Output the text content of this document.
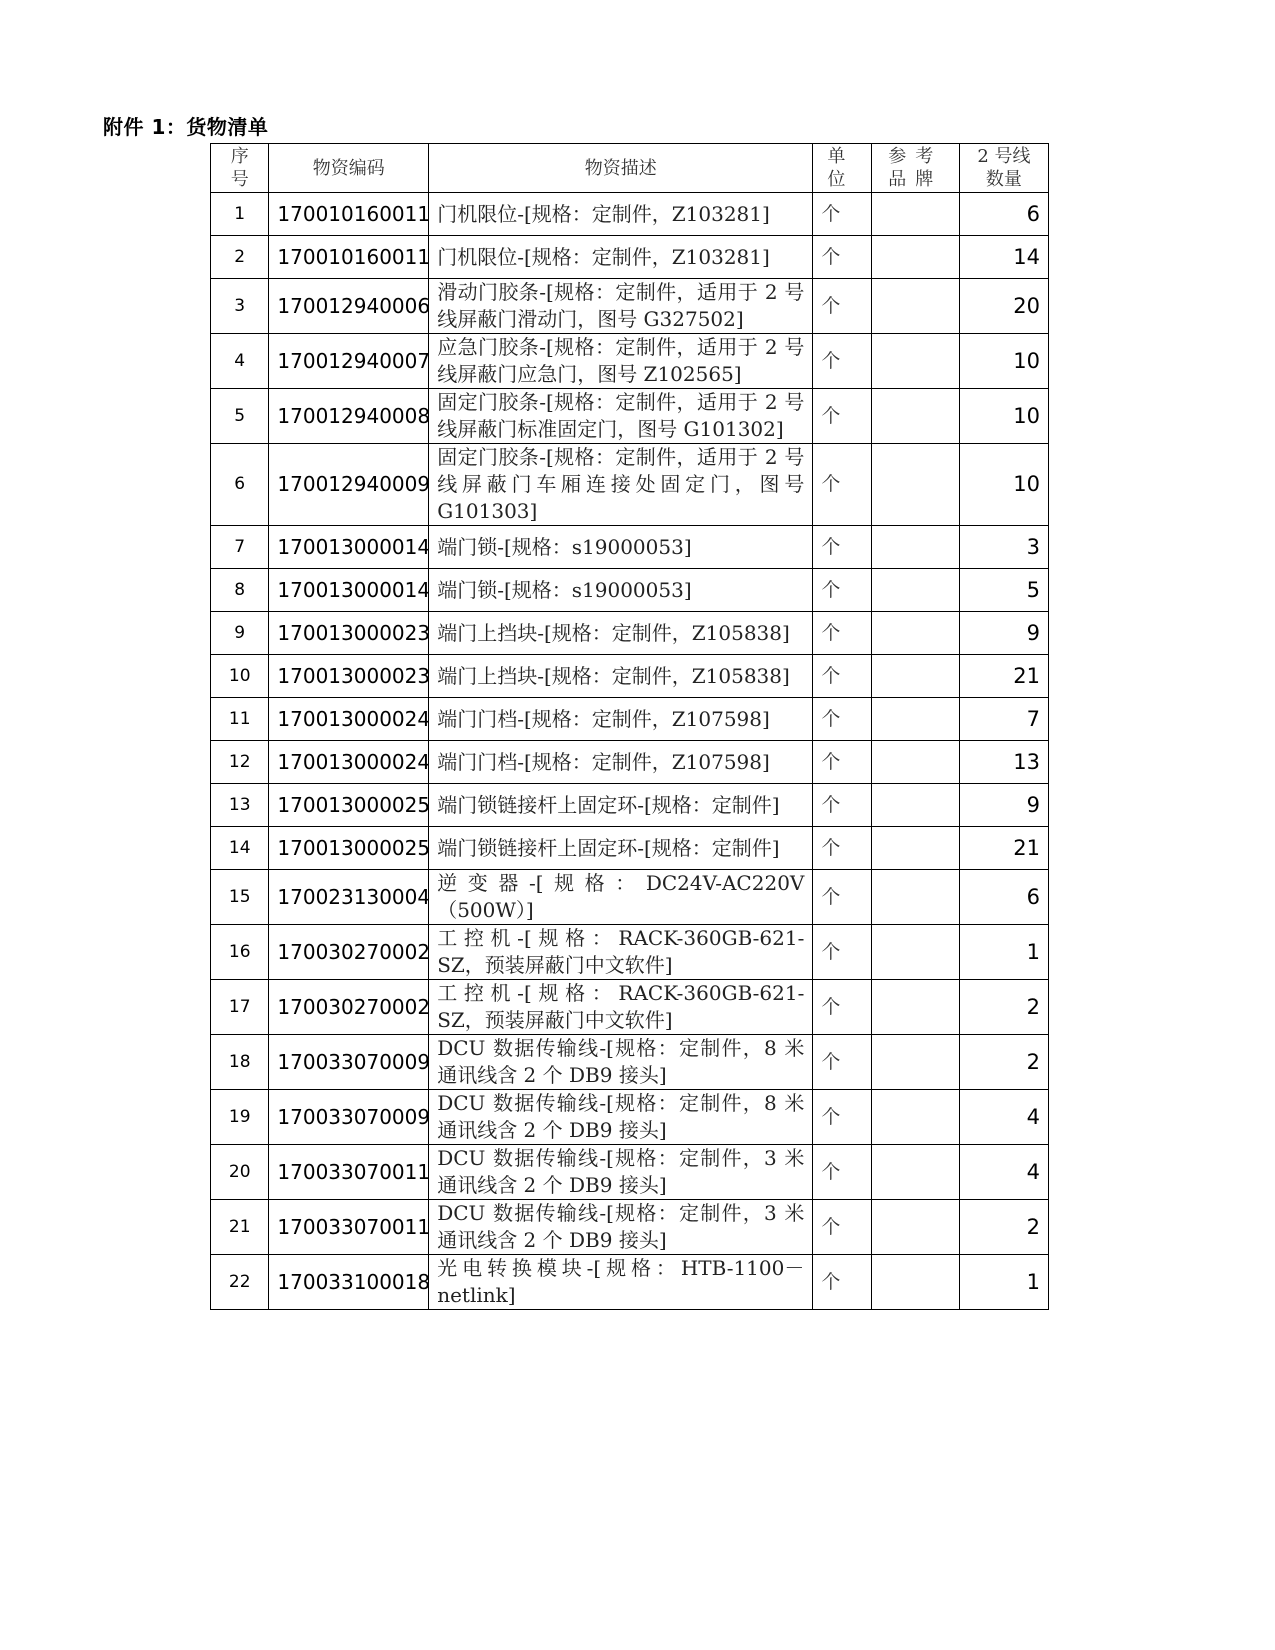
附件 1：货物清单
序号	物资编码	物资描述	单位	参考品牌	2 号线数量
1	170010160011	门机限位-[规格：定制件，Z103281]	个		6
2	170010160011	门机限位-[规格：定制件，Z103281]	个		14
3	170012940006	滑动门胶条-[规格：定制件，适用于 2 号线屏蔽门滑动门，图号 G327502]	个		20
4	170012940007	应急门胶条-[规格：定制件，适用于 2 号线屏蔽门应急门，图号 Z102565]	个		10
5	170012940008	固定门胶条-[规格：定制件，适用于 2 号线屏蔽门标准固定门，图号 G101302]	个		10
6	170012940009	固定门胶条-[规格：定制件，适用于 2 号线屏蔽门车厢连接处固定门，图号 G101303]	个		10
7	170013000014	端门锁-[规格：s19000053]	个		3
8	170013000014	端门锁-[规格：s19000053]	个		5
9	170013000023	端门上挡块-[规格：定制件，Z105838]	个		9
10	170013000023	端门上挡块-[规格：定制件，Z105838]	个		21
11	170013000024	端门门档-[规格：定制件，Z107598]	个		7
12	170013000024	端门门档-[规格：定制件，Z107598]	个		13
13	170013000025	端门锁链接杆上固定环-[规格：定制件]	个		9
14	170013000025	端门锁链接杆上固定环-[规格：定制件]	个		21
15	170023130004	逆变器-[规格：DC24V-AC220V（500W）]	个		6
16	170030270002	工控机-[规格：RACK-360GB-621-SZ，预装屏蔽门中文软件]	个		1
17	170030270002	工控机-[规格：RACK-360GB-621-SZ，预装屏蔽门中文软件]	个		2
18	170033070009	DCU 数据传输线-[规格：定制件，8 米通讯线含 2 个 DB9 接头]	个		2
19	170033070009	DCU 数据传输线-[规格：定制件，8 米通讯线含 2 个 DB9 接头]	个		4
20	170033070011	DCU 数据传输线-[规格：定制件，3 米通讯线含 2 个 DB9 接头]	个		4
21	170033070011	DCU 数据传输线-[规格：定制件，3 米通讯线含 2 个 DB9 接头]	个		2
22	170033100018	光电转换模块-[规格：HTB-1100－netlink]	个		1
